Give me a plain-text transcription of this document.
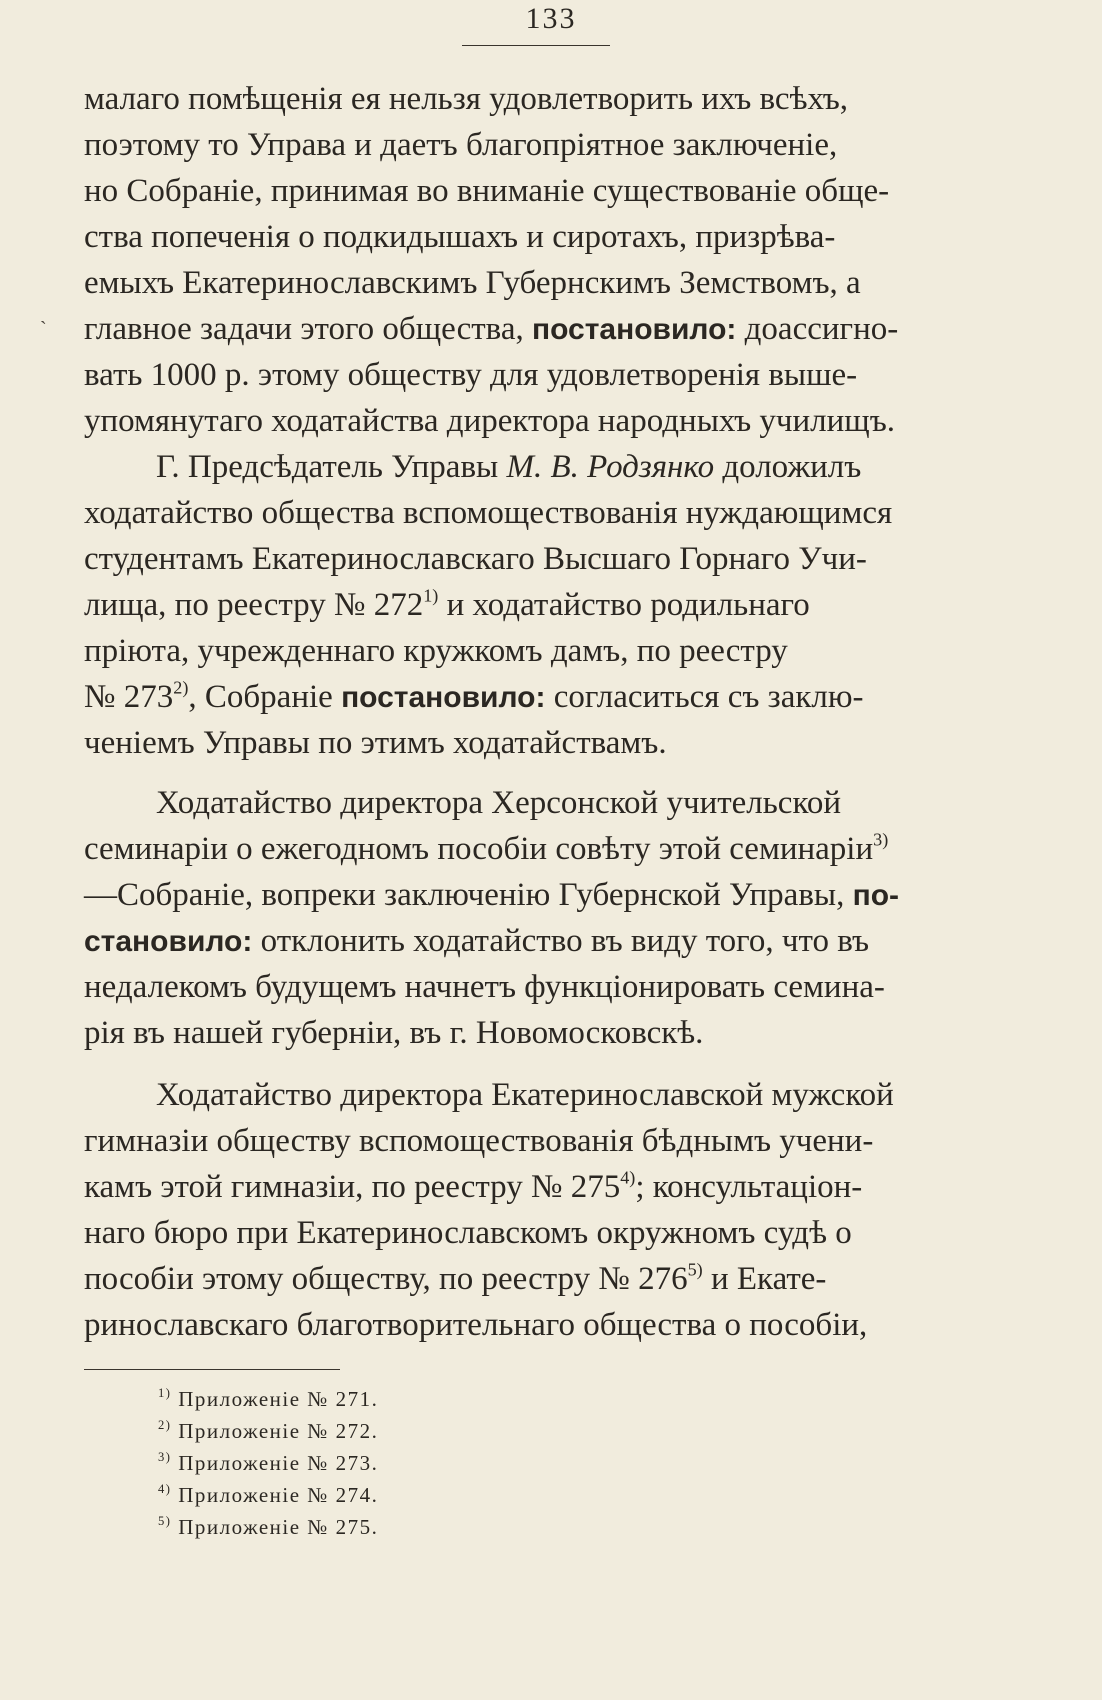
133
ˋ
малаго помѣщенія ея нельзя удовлетворить ихъ всѣхъ,
поэтому то Управа и даетъ благопріятное заключеніе,
но Собраніе, принимая во вниманіе существованіе обще-
ства попеченія о подкидышахъ и сиротахъ, призрѣва-
емыхъ Екатеринославскимъ Губернскимъ Земствомъ, а
главное задачи этого общества, постановило: доассигно-
вать 1000 р. этому обществу для удовлетворенія выше-
упомянутаго ходатайства директора народныхъ училищъ.
Г. Предсѣдатель Управы М. В. Родзянко доложилъ
ходатайство общества вспомоществованія нуждающимся
студентамъ Екатеринославскаго Высшаго Горнаго Учи-
лища, по реестру № 272$^{1)}$ и ходатайство родильнаго
пріюта, учрежденнаго кружкомъ дамъ, по реестру
№ 273$^{2)}$, Собраніе постановило: согласиться съ заклю-
ченіемъ Управы по этимъ ходатайствамъ.
Ходатайство директора Херсонской учительской
семинаріи о ежегодномъ пособіи совѣту этой семинаріи$^{3)}$
—Собраніе, вопреки заключенію Губернской Управы, по-
становило: отклонить ходатайство въ виду того, что въ
недалекомъ будущемъ начнетъ функціонировать семина-
рія въ нашей губерніи, въ г. Новомосковскѣ.
Ходатайство директора Екатеринославской мужской
гимназіи обществу вспомоществованія бѣднымъ учени-
камъ этой гимназіи, по реестру № 275$^{4)}$; консультаціон-
наго бюро при Екатеринославскомъ окружномъ судѣ о
пособіи этому обществу, по реестру № 276$^{5)}$ и Екате-
ринославскаго благотворительнаго общества о пособіи,
$^{1)}$ Приложеніе № 271.
$^{2)}$ Приложеніе № 272.
$^{3)}$ Приложеніе № 273.
$^{4)}$ Приложеніе № 274.
$^{5)}$ Приложеніе № 275.
